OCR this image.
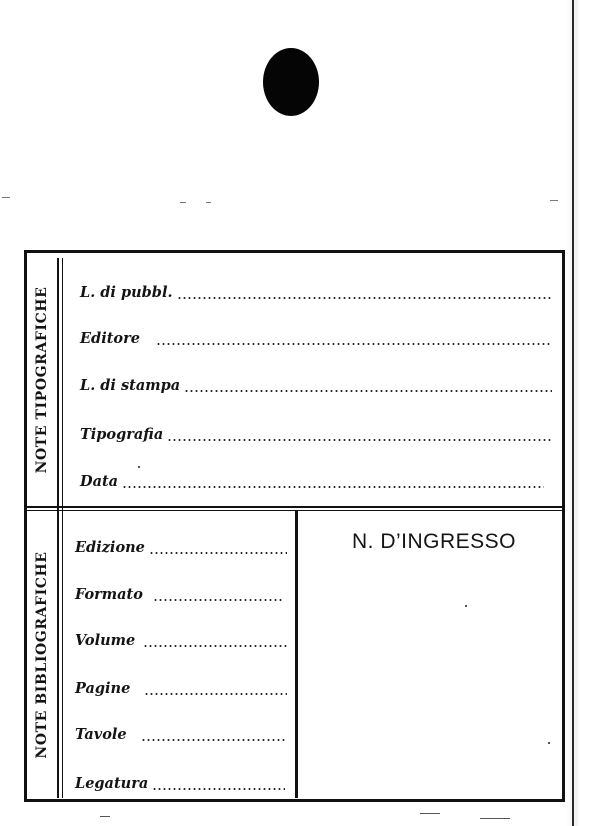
NOTE TIPOGRAFICHE
NOTE BIBLIOGRAFICHE
L. di pubbl.
Editore
L. di stampa
Tipografia
Data
Edizione
Formato
Volume
Pagine
Tavole
Legatura
N. D’INGRESSO
